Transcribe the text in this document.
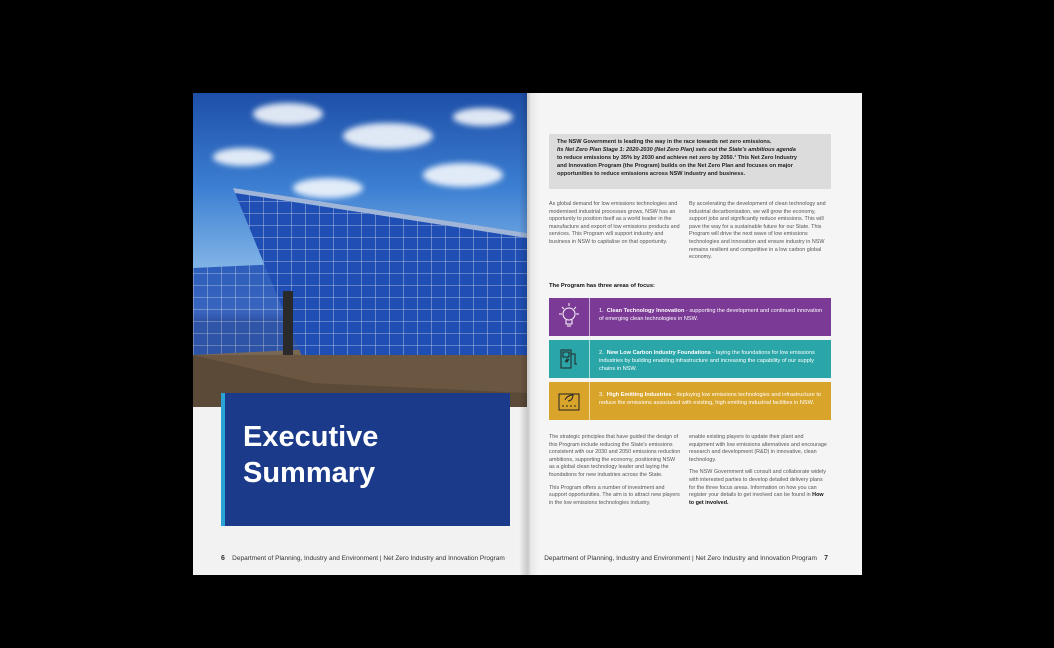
Executive
Summary
6 Department of Planning, Industry and Environment | Net Zero Industry and Innovation Program
The NSW Government is leading the way in the race towards net zero emissions.
Its Net Zero Plan Stage 1: 2020-2030 (Net Zero Plan) sets out the State's ambitious agenda
to reduce emissions by 35% by 2030 and achieve net zero by 2050.¹ This Net Zero Industry
and Innovation Program (the Program) builds on the Net Zero Plan and focuses on major
opportunities to reduce emissions across NSW industry and business.
As global demand for low emissions technologies and modernised industrial processes grows, NSW has an opportunity to position itself as a world leader in the manufacture and export of low emissions products and services. This Program will support industry and business in NSW to capitalise on that opportunity.
By accelerating the development of clean technology and industrial decarbonisation, we will grow the economy, support jobs and significantly reduce emissions. This will pave the way for a sustainable future for our State. This Program will drive the next wave of low emissions technologies and innovation and ensure industry in NSW remains resilient and competitive in a low carbon global economy.
The Program has three areas of focus:
1. Clean Technology Innovation - supporting the development and continued innovation of emerging clean technologies in NSW.
2. New Low Carbon Industry Foundations - laying the foundations for low emissions industries by building enabling infrastructure and increasing the capability of our supply chains in NSW.
3. High Emitting Industries - deploying low emissions technologies and infrastructure to reduce the emissions associated with existing, high emitting industrial facilities in NSW.
The strategic principles that have guided the design of this Program include reducing the State's emissions consistent with our 2030 and 2050 emissions reduction ambitions, supporting the economy, positioning NSW as a global clean technology leader and laying the foundations for new industries across the State.
This Program offers a number of investment and support opportunities. The aim is to attract new players in the low emissions technologies industry,
enable existing players to update their plant and equipment with low emissions alternatives and encourage research and development (R&D) in innovative, clean technology.
The NSW Government will consult and collaborate widely with interested parties to develop detailed delivery plans for the three focus areas. Information on how you can register your details to get involved can be found in How to get involved.
Department of Planning, Industry and Environment | Net Zero Industry and Innovation Program 7
